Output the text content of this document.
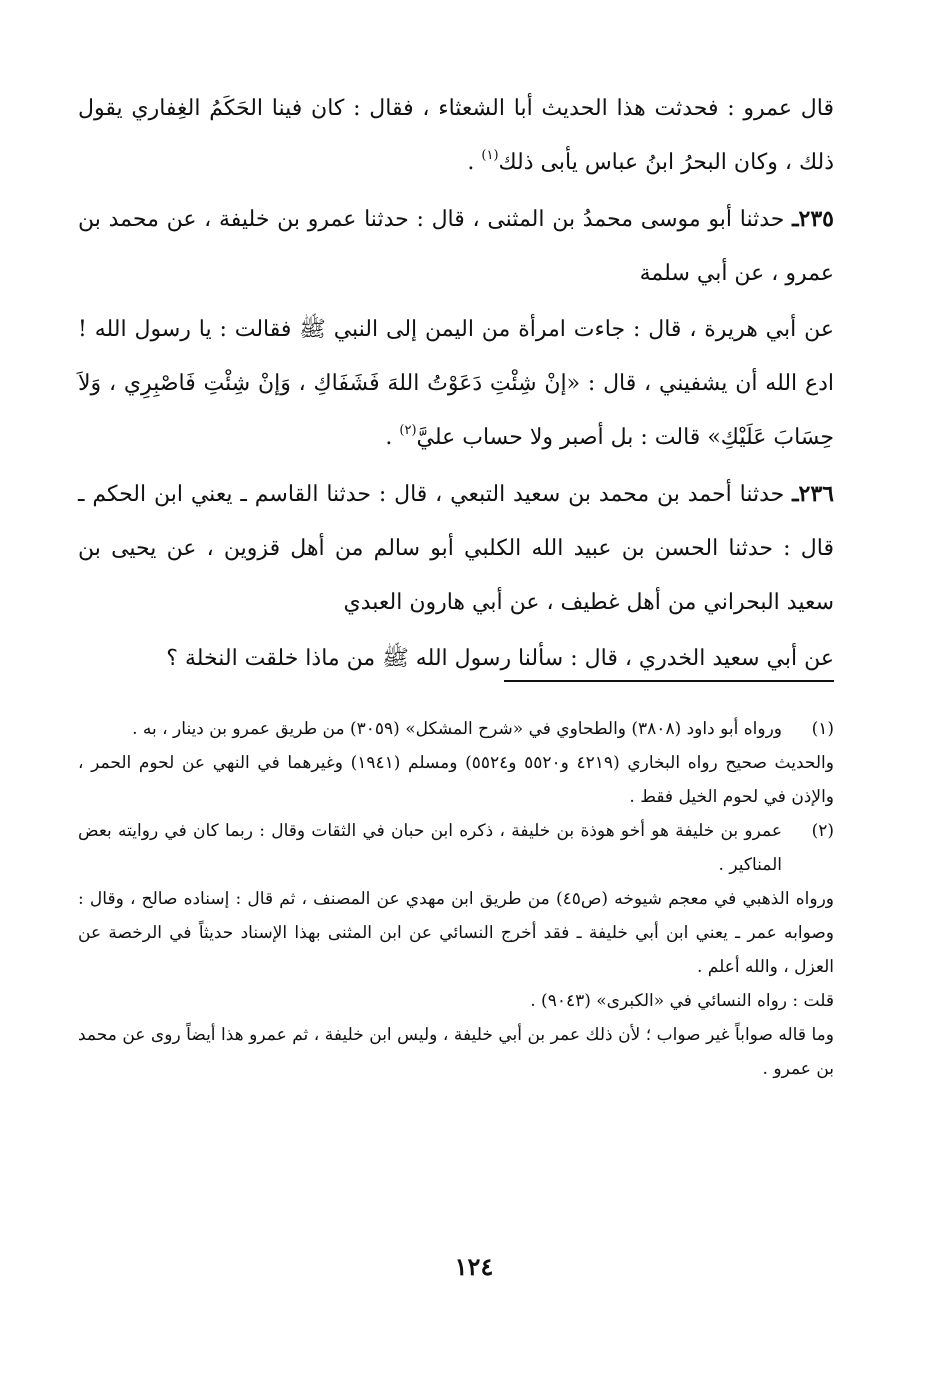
قال عمرو : فحدثت هذا الحديث أبا الشعثاء ، فقال : كان فينا الحَكَمُ الغِفاري يقول ذلك ، وكان البحرُ ابنُ عباس يأبى ذلك$^{(١)}$ .

٢٣٥ـ حدثنا أبو موسى محمدُ بن المثنى ، قال : حدثنا عمرو بن خليفة ، عن محمد بن عمرو ، عن أبي سلمة

عن أبي هريرة ، قال : جاءت امرأة من اليمن إلى النبي ﷺ فقالت : يا رسول الله ! ادع الله أن يشفيني ، قال : «إنْ شِئْتِ دَعَوْتُ اللهَ فَشَفَاكِ ، وَإنْ شِئْتِ فَاصْبِرِي ، وَلاَ حِسَابَ عَلَيْكِ» قالت : بل أصبر ولا حساب عليَّ$^{(٢)}$ .

٢٣٦ـ حدثنا أحمد بن محمد بن سعيد التبعي ، قال : حدثنا القاسم ـ يعني ابن الحكم ـ قال : حدثنا الحسن بن عبيد الله الكلبي أبو سالم من أهل قزوين ، عن يحيى بن سعيد البحراني من أهل غطيف ، عن أبي هارون العبدي

عن أبي سعيد الخدري ، قال : سألنا رسول الله ﷺ من ماذا خلقت النخلة ؟

(١)

ورواه أبو داود (٣٨٠٨) والطحاوي في «شرح المشكل» (٣٠٥٩) من طريق عمرو بن دينار ، به .

والحديث صحيح رواه البخاري (٤٢١٩ و٥٥٢٠ و٥٥٢٤) ومسلم (١٩٤١) وغيرهما في النهي عن لحوم الحمر ، والإذن في لحوم الخيل فقط .

(٢)

عمرو بن خليفة هو أخو هوذة بن خليفة ، ذكره ابن حبان في الثقات وقال : ربما كان في روايته بعض المناكير .

ورواه الذهبي في معجم شيوخه (ص٤٥) من طريق ابن مهدي عن المصنف ، ثم قال : إسناده صالح ، وقال : وصوابه عمر ـ يعني ابن أبي خليفة ـ فقد أخرج النسائي عن ابن المثنى بهذا الإسناد حديثاً في الرخصة عن العزل ، والله أعلم .

قلت : رواه النسائي في «الكبرى» (٩٠٤٣) .

وما قاله صواباً غير صواب ؛ لأن ذلك عمر بن أبي خليفة ، وليس ابن خليفة ، ثم عمرو هذا أيضاً روى عن محمد بن عمرو .

١٢٤
